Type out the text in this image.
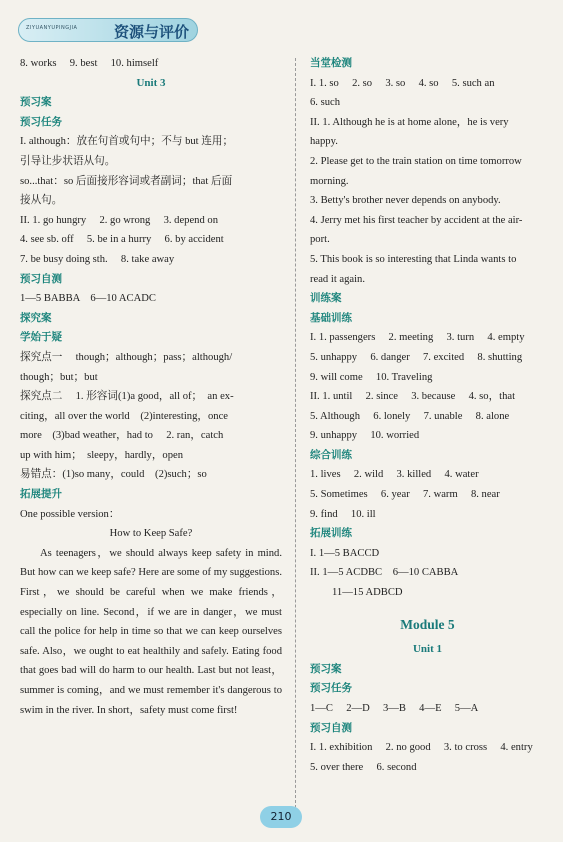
ZIYUANYUPINGJIA 资源与评价
8. works　 9. best　 10. himself
Unit 3
预习案
预习任务
I. although：放在句首或句中；不与 but 连用；
引导让步状语从句。
so...that：so 后面接形容词或者副词；that 后面
接从句。
II. 1. go hungry　 2. go wrong　 3. depend on
4. see sb. off　 5. be in a hurry　 6. by accident
7. be busy doing sth.　 8. take away
预习自测
1—5 BABBA　6—10 ACADC
探究案
学始于疑
探究点一　 though；although；pass；although/
though；but；but
探究点二　 1. 形容词(1)a good，all of；　an ex-
citing，all over the world　(2)interesting，once
more　(3)bad weather，had to　 2. ran，catch
up with him；　sleepy，hardly，open
易错点：(1)so many，could　(2)such；so
拓展提升
One possible version：
How to Keep Safe?
As teenagers，we should always keep safety in mind. But how can we keep safe? Here are some of my suggestions. First，we should be careful when we make friends，especially on line. Second，if we are in danger，we must call the police for help in time so that we can keep ourselves safe. Also，we ought to eat healthily and safely. Eating food that goes bad will do harm to our health. Last but not least，summer is coming，and we must remember it's dangerous to swim in the river. In short，safety must come first!
当堂检测
I. 1. so　 2. so　 3. so　 4. so　 5. such an
6. such
II. 1. Although he is at home alone，he is very
happy.
2. Please get to the train station on time tomorrow
morning.
3. Betty's brother never depends on anybody.
4. Jerry met his first teacher by accident at the air-
port.
5. This book is so interesting that Linda wants to
read it again.
训练案
基础训练
I. 1. passengers　 2. meeting　 3. turn　 4. empty
5. unhappy　 6. danger　 7. excited　 8. shutting
9. will come　 10. Traveling
II. 1. until　 2. since　 3. because　 4. so，that
5. Although　 6. lonely　 7. unable　 8. alone
9. unhappy　 10. worried
综合训练
1. lives　 2. wild　 3. killed　 4. water
5. Sometimes　 6. year　 7. warm　 8. near
9. find　 10. ill
拓展训练
I. 1—5 BACCD
II. 1—5 ACDBC　6—10 CABBA
11—15 ADBCD
Module 5
Unit 1
预习案
预习任务
1—C　 2—D　 3—B　 4—E　 5—A
预习自测
I. 1. exhibition　 2. no good　 3. to cross　 4. entry
5. over there　 6. second
210
